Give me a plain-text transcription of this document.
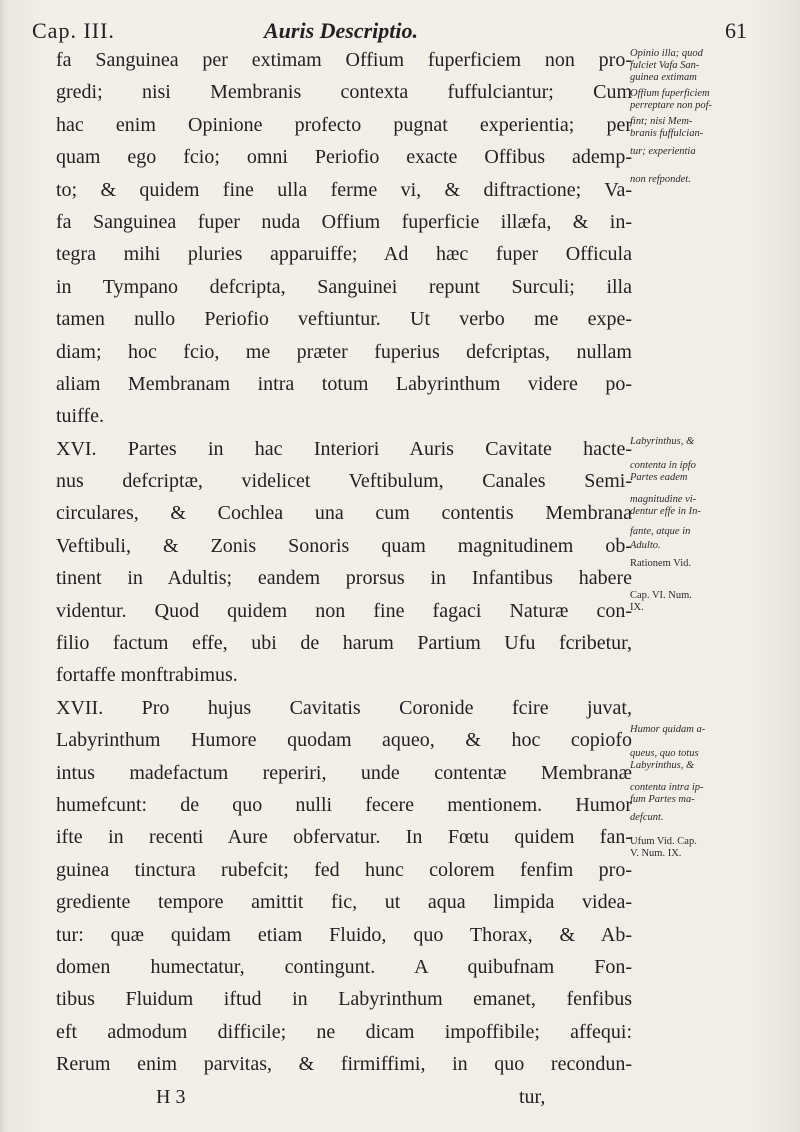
Cap. III.	Auris Descriptio.	61
fa Sanguinea per extimam Offium fuperficiem non pro-
gredi; nisi Membranis contexta fuffulciantur; Cum
hac enim Opinione profecto pugnat experientia; per
quam ego fcio; omni Periofio exacte Offibus ademp-
to; & quidem fine ulla ferme vi, & diftractione; Va-
fa Sanguinea fuper nuda Offium fuperficie illæfa, & in-
tegra mihi pluries apparuiffe; Ad hæc fuper Officula
in Tympano defcripta, Sanguinei repunt Surculi; illa
tamen nullo Periofio veftiuntur. Ut verbo me expe-
diam; hoc fcio, me præter fuperius defcriptas, nullam
aliam Membranam intra totum Labyrinthum videre po-
tuiffe.
XVI. Partes in hac Interiori Auris Cavitate hacte-
nus defcriptæ, videlicet Veftibulum, Canales Semi-
circulares, & Cochlea una cum contentis Membrana
Veftibuli, & Zonis Sonoris quam magnitudinem ob-
tinent in Adultis; eandem prorsus in Infantibus habere
videntur. Quod quidem non fine fagaci Naturæ con-
filio factum effe, ubi de harum Partium Ufu fcribetur,
fortaffe monftrabimus.
XVII. Pro hujus Cavitatis Coronide fcire juvat,
Labyrinthum Humore quodam aqueo, & hoc copiofo
intus madefactum reperiri, unde contentæ Membranæ
humefcunt: de quo nulli fecere mentionem. Humor
ifte in recenti Aure obfervatur. In Fœtu quidem fan-
guinea tinctura rubefcit; fed hunc colorem fenfim pro-
grediente tempore amittit fic, ut aqua limpida videa-
tur: quæ quidam etiam Fluido, quo Thorax, & Ab-
domen humectatur, contingunt. A quibufnam Fon-
tibus Fluidum iftud in Labyrinthum emanet, fenfibus
eft admodum difficile; ne dicam impoffibile; affequi:
Rerum enim parvitas, & firmiffimi, in quo recondun-
H 3	tur,
Opinio illa; quod
fulciet Vafa San-
guinea extimam
Offium fuperficiem
perreptare non pof-
fint; nisi Mem-
branis fuffulcian-
tur; experientia
non refpondet.
Labyrinthus, &
contenta in ipfo
Partes eadem
magnitudine vi-
dentur effe in In-
fante, atque in
Adulto.
Rationem Vid.
Cap. VI. Num.
IX.
Humor quidam a-
queus, quo totus
Labyrinthus, &
contenta intra ip-
fum Partes ma-
defcunt.
Ufum Vid. Cap.
V. Num. IX.
